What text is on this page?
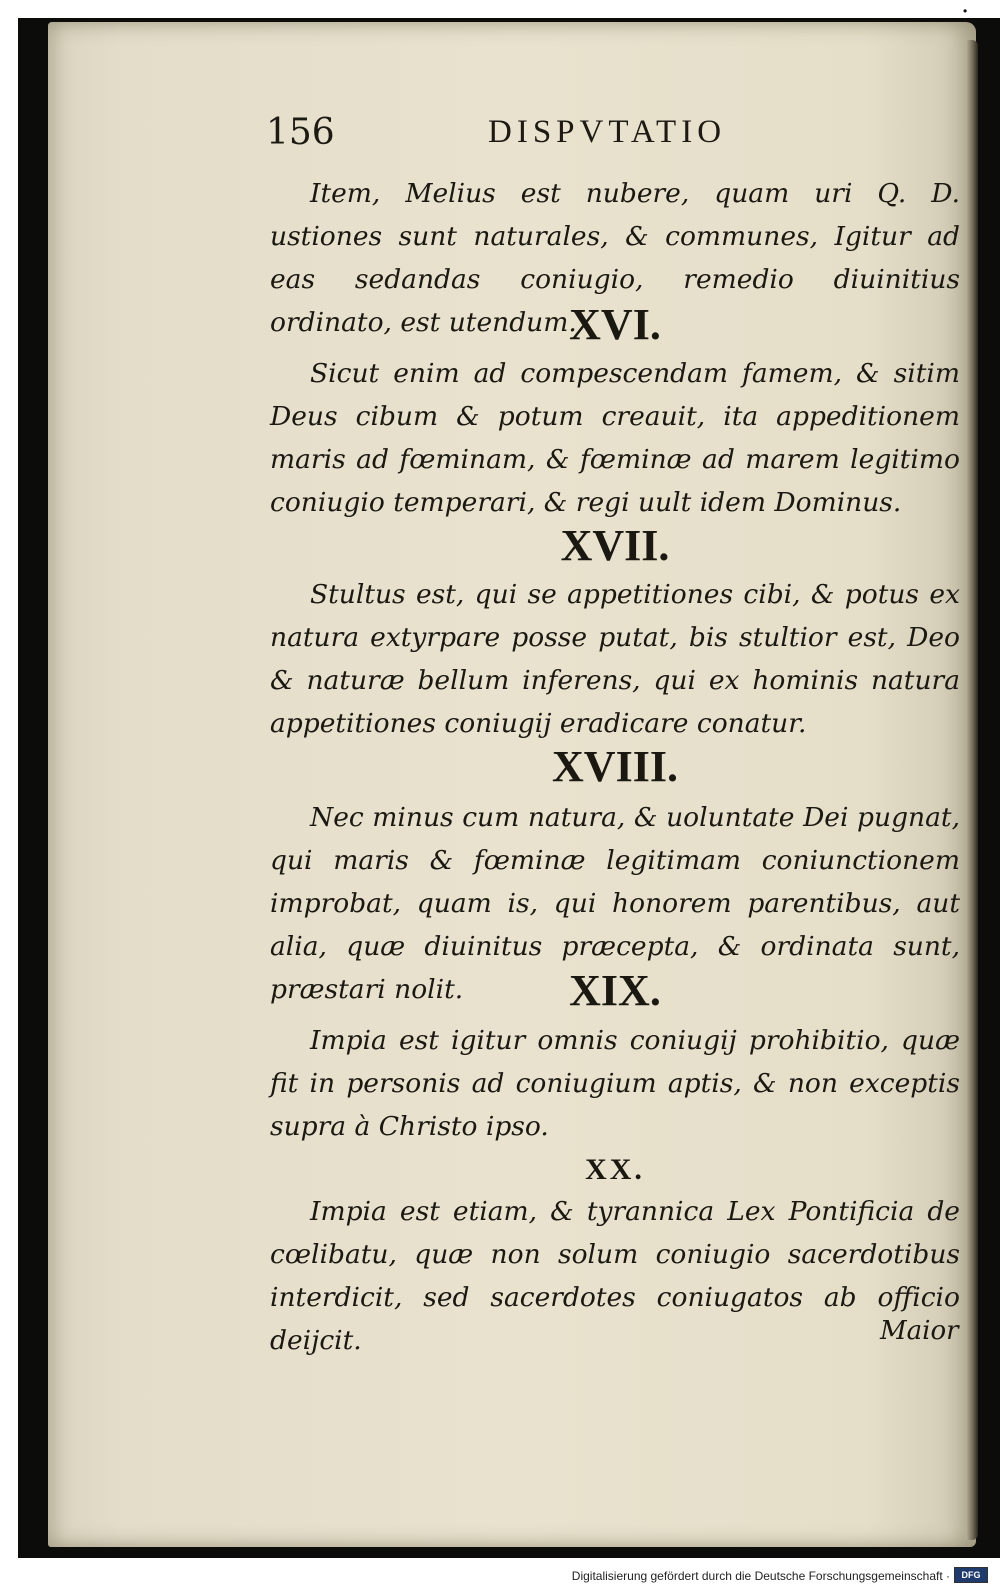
•
156	DISPVTATIO

Item, Melius est nubere, quam uri Q. D. ustiones sunt naturales, & communes, Igitur ad eas sedandas coniugio, remedio diuinitius ordinato, est utendum.

XVI.

Sicut enim ad compescendam famem, & sitim Deus cibum & potum creauit, ita appeditionem maris ad fœminam, & fœminæ ad marem legitimo coniugio temperari, & regi uult idem Dominus.

XVII.

Stultus est, qui se appetitiones cibi, & potus ex natura extyrpare posse putat, bis stultior est, Deo & naturæ bellum inferens, qui ex hominis natura appetitiones coniugij eradicare conatur.

XVIII.

Nec minus cum natura, & uoluntate Dei pugnat, qui maris & fœminæ legitimam coniunctionem improbat, quam is, qui honorem parentibus, aut alia, quæ diuinitus præcepta, & ordinata sunt, præstari nolit.	XIX.

Impia est igitur omnis coniugij prohibitio, quæ fit in personis ad coniugium aptis, & non exceptis supra à Christo ipso.

XX.

Impia est etiam, & tyrannica Lex Pontificia de cœlibatu, quæ non solum coniugio sacerdotibus interdicit, sed sacerdotes coniugatos ab officio deijcit.	Maior
Digitalisierung gefördert durch die Deutsche Forschungsgemeinschaft ·	DFG
